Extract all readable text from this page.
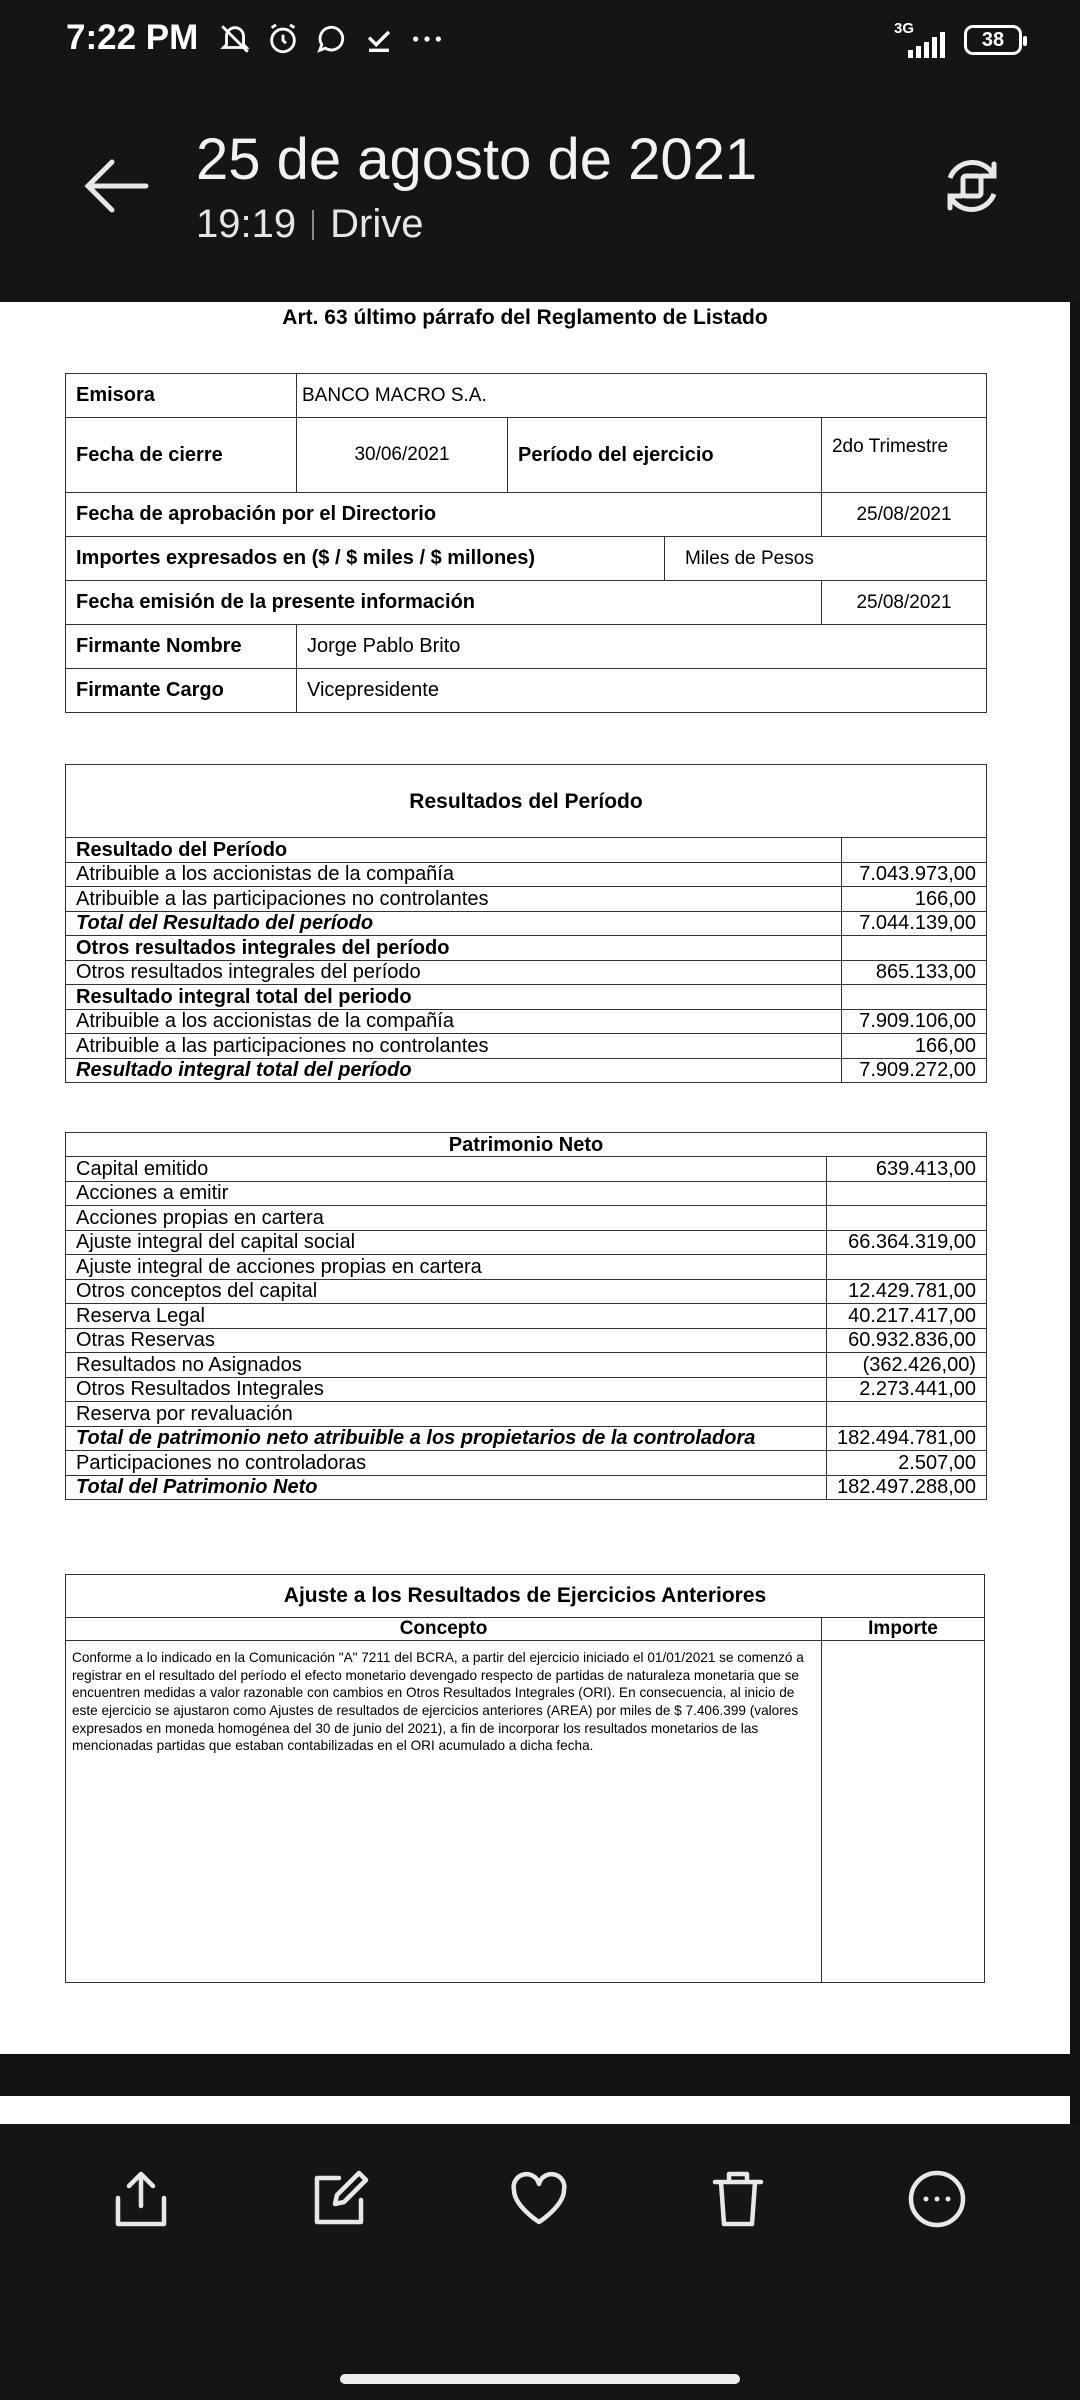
7:22 PM	3G	38
25 de agosto de 2021
19:19 Drive
Art. 63 último párrafo del Reglamento de Listado
Emisora	BANCO MACRO S.A.			
Fecha de cierre	30/06/2021	Período del ejercicio		2do Trimestre
Fecha de aprobación por el Directorio				25/08/2021
Importes expresados en ($ / $ miles / $ millones)			Miles de Pesos	
Fecha emisión de la presente información				25/08/2021
Firmante Nombre	Jorge Pablo Brito			
Firmante Cargo	Vicepresidente			
Resultados del Período	
Resultado del Período	
Atribuible a los accionistas de la compañía	7.043.973,00
Atribuible a las participaciones no controlantes	166,00
Total del Resultado del período	7.044.139,00
Otros resultados integrales del período	
Otros resultados integrales del período	865.133,00
Resultado integral total del periodo	
Atribuible a los accionistas de la compañía	7.909.106,00
Atribuible a las participaciones no controlantes	166,00
Resultado integral total del período	7.909.272,00
Patrimonio Neto	
Capital emitido	639.413,00
Acciones a emitir	
Acciones propias en cartera	
Ajuste integral del capital social	66.364.319,00
Ajuste integral de acciones propias en cartera	
Otros conceptos del capital	12.429.781,00
Reserva Legal	40.217.417,00
Otras Reservas	60.932.836,00
Resultados no Asignados	(362.426,00)
Otros Resultados Integrales	2.273.441,00
Reserva por revaluación	
Total de patrimonio neto atribuible a los propietarios de la controladora	182.494.781,00
Participaciones no controladoras	2.507,00
Total del Patrimonio Neto	182.497.288,00
Ajuste a los Resultados de Ejercicios Anteriores	
Concepto	Importe
Conforme a lo indicado en la Comunicación "A" 7211 del BCRA, a partir del ejercicio iniciado el 01/01/2021 se comenzó a registrar en el resultado del período el efecto monetario devengado respecto de partidas de naturaleza monetaria que se encuentren medidas a valor razonable con cambios en Otros Resultados Integrales (ORI). En consecuencia, al inicio de este ejercicio se ajustaron como Ajustes de resultados de ejercicios anteriores (AREA) por miles de $ 7.406.399 (valores expresados en moneda homogénea del 30 de junio del 2021), a fin de incorporar los resultados monetarios de las mencionadas partidas que estaban contabilizadas en el ORI acumulado a dicha fecha.	
